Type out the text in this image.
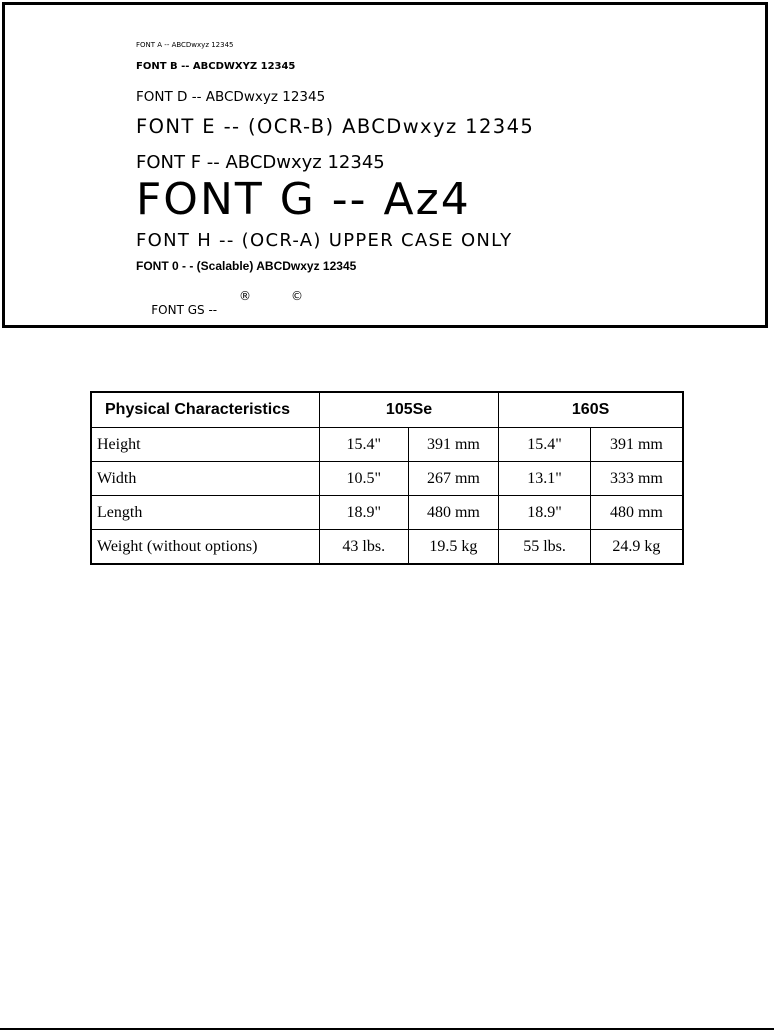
FONT A -- ABCDwxyz 12345
FONT B -- ABCDWXYZ 12345
FONT D -- ABCDwxyz 12345
FONT E -- (OCR-B) ABCDwxyz 12345
FONT F -- ABCDwxyz 12345
FONT G -- Az4
FONT H -- (OCR-A) UPPER CASE ONLY
FONT 0 - - (Scalable) ABCDwxyz 12345

FONT GS --

®

	©

Physical Characteristics	105Se		160S	
Height	15.4"	391 mm	15.4"	391 mm
Width	10.5"	267 mm	13.1"	333 mm
Length	18.9"	480 mm	18.9"	480 mm
Weight (without options)	43 lbs.	19.5 kg	55 lbs.	24.9 kg
